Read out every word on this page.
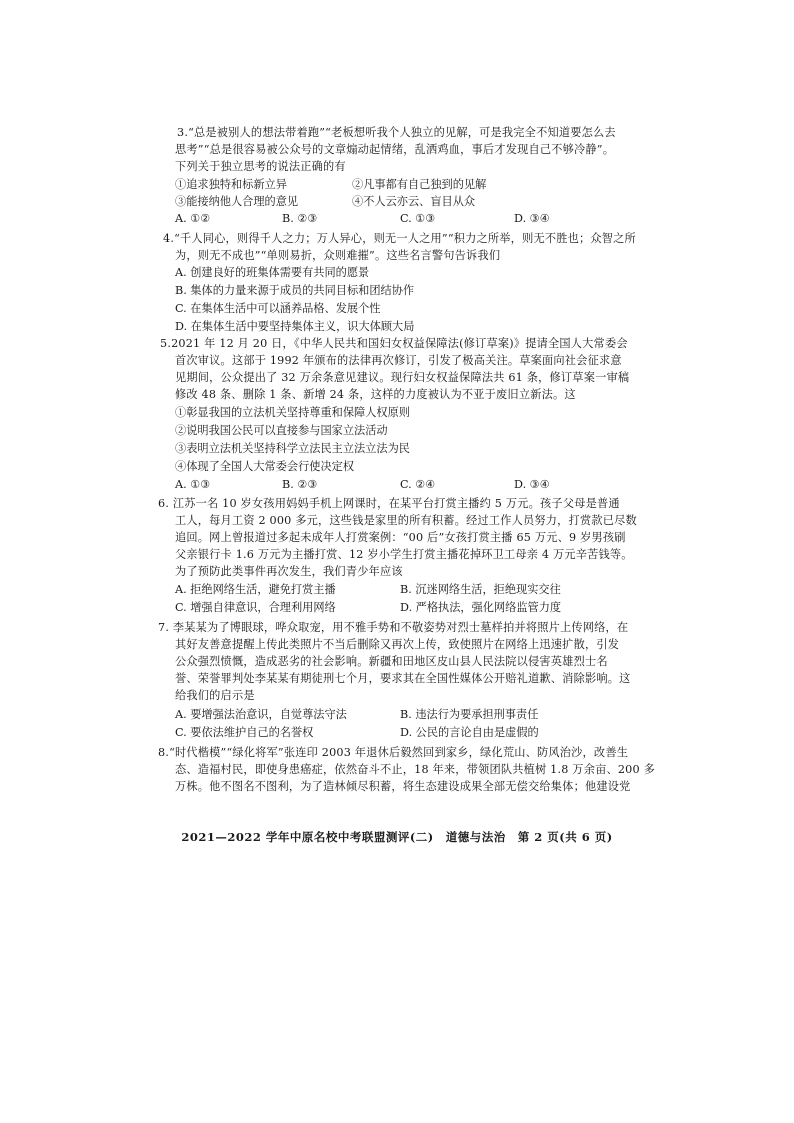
3.“总是被别人的想法带着跑”“老板想听我个人独立的见解，可是我完全不知道要怎么去
思考”“总是很容易被公众号的文章煽动起情绪，乱洒鸡血，事后才发现自己不够冷静”。
下列关于独立思考的说法正确的有
①追求独特和标新立异	②凡事都有自己独到的见解
③能接纳他人合理的意见	④不人云亦云、盲目从众
A. ①②	B. ②③	C. ①③	D. ③④
4.“千人同心，则得千人之力；万人异心，则无一人之用”“积力之所举，则无不胜也；众智之所
为，则无不成也”“单则易折，众则难摧”。这些名言警句告诉我们
A. 创建良好的班集体需要有共同的愿景
B. 集体的力量来源于成员的共同目标和团结协作
C. 在集体生活中可以涵养品格、发展个性
D. 在集体生活中要坚持集体主义，识大体顾大局
5.2021 年 12 月 20 日，《中华人民共和国妇女权益保障法(修订草案)》提请全国人大常委会
首次审议。这部于 1992 年颁布的法律再次修订，引发了极高关注。草案面向社会征求意
见期间，公众提出了 32 万余条意见建议。现行妇女权益保障法共 61 条，修订草案一审稿
修改 48 条、删除 1 条、新增 24 条，这样的力度被认为不亚于废旧立新法。这
①彰显我国的立法机关坚持尊重和保障人权原则
②说明我国公民可以直接参与国家立法活动
③表明立法机关坚持科学立法民主立法立法为民
④体现了全国人大常委会行使决定权
A. ①③	B. ②③	C. ②④	D. ③④
6. 江苏一名 10 岁女孩用妈妈手机上网课时，在某平台打赏主播约 5 万元。孩子父母是普通
工人，每月工资 2 000 多元，这些钱是家里的所有积蓄。经过工作人员努力，打赏款已尽数
追回。网上曾报道过多起未成年人打赏案例：“00 后”女孩打赏主播 65 万元、9 岁男孩刷
父亲银行卡 1.6 万元为主播打赏、12 岁小学生打赏主播花掉环卫工母亲 4 万元辛苦钱等。
为了预防此类事件再次发生，我们青少年应该
A. 拒绝网络生活，避免打赏主播	B. 沉迷网络生活，拒绝现实交往
C. 增强自律意识，合理利用网络	D. 严格执法，强化网络监管力度
7. 李某某为了博眼球，哗众取宠，用不雅手势和不敬姿势对烈士墓样拍并将照片上传网络，在
其好友善意提醒上传此类照片不当后删除又再次上传，致使照片在网络上迅速扩散，引发
公众强烈愤慨，造成恶劣的社会影响。新疆和田地区皮山县人民法院以侵害英雄烈士名
誉、荣誉罪判处李某某有期徒刑七个月，要求其在全国性媒体公开赔礼道歉、消除影响。这
给我们的启示是
A. 要增强法治意识，自觉尊法守法	B. 违法行为要承担刑事责任
C. 要依法维护自己的名誉权	D. 公民的言论自由是虚假的
8.“时代楷模”“绿化将军”张连印 2003 年退休后毅然回到家乡，绿化荒山、防风治沙，改善生
态、造福村民，即使身患癌症，依然奋斗不止，18 年来，带领团队共植树 1.8 万余亩、200 多
万株。他不图名不图利，为了造林倾尽积蓄，将生态建设成果全部无偿交给集体；他建设党
2021—2022 学年中原名校中考联盟测评(二)　道德与法治　第 2 页(共 6 页)
